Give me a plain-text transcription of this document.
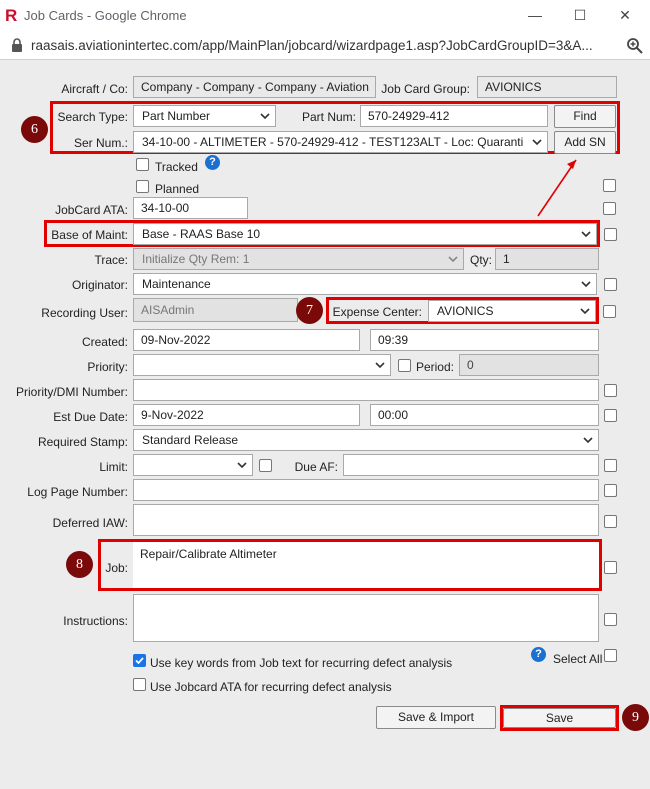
R Job Cards - Google Chrome	— ☐ ✕
raasais.aviationintertec.com/app/MainPlan/jobcard/wizardpage1.asp?JobCardGroupID=3&A...
Aircraft / Co:	Company - Company - Company - Aviation	Job Card Group:	AVIONICS
6
Search Type:	Part Number	Part Num:	570-24929-412	Find
Ser Num.:	34-10-00 - ALTIMETER - 570-24929-412 - TEST123ALT - Loc: Quaranti	Add SN
Tracked	?
Planned
JobCard ATA:	34-10-00
Base of Maint:	Base - RAAS Base 10
Trace:	Initialize Qty Rem: 1	Qty: 1
Originator:	Maintenance
Recording User:	AISAdmin	7	Expense Center:	AVIONICS
Created:	09-Nov-2022	09:39
Priority:	Period:	0
Priority/DMI Number:
Est Due Date:	9-Nov-2022	00:00
Required Stamp:	Standard Release
Limit:	Due AF:
Log Page Number:
Deferred IAW:
8	Job:
Repair/Calibrate Altimeter
Instructions:
? Select All
Use key words from Job text for recurring defect analysis
Use Jobcard ATA for recurring defect analysis
Save & Import	Save	9
